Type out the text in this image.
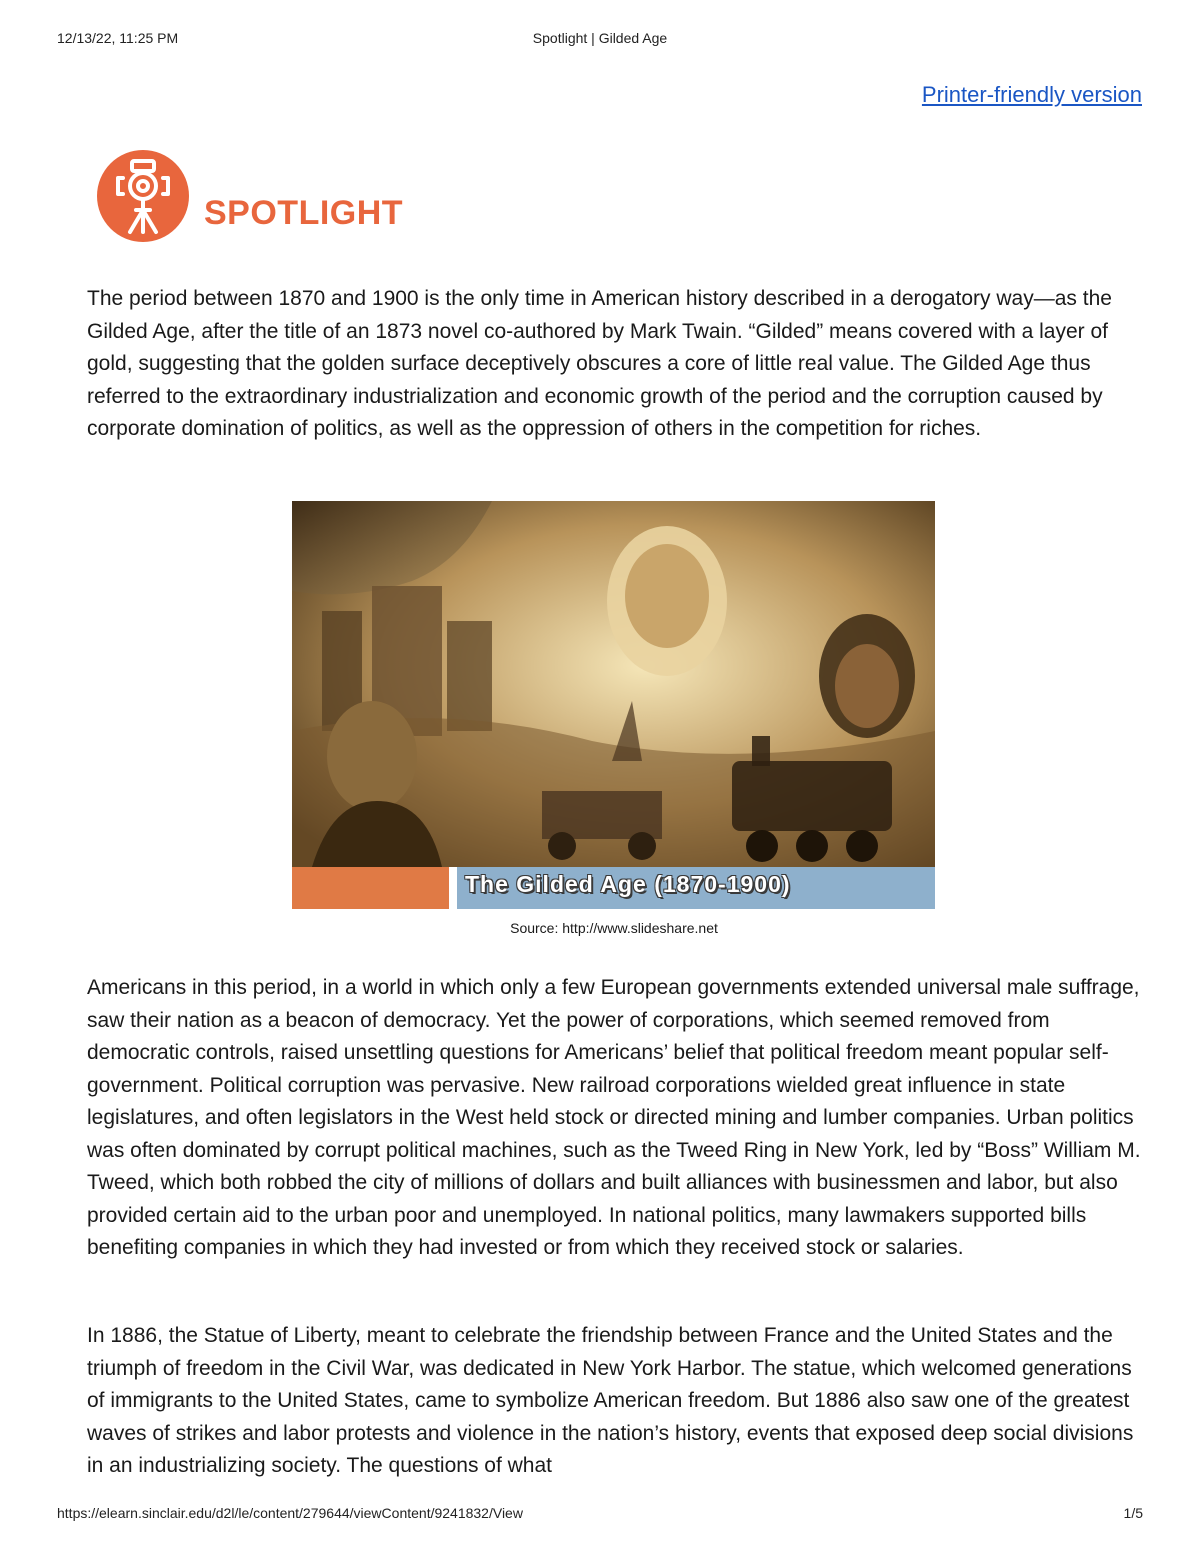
12/13/22, 11:25 PM	Spotlight | Gilded Age
Printer-friendly version
SPOTLIGHT

The period between 1870 and 1900 is the only time in American history described in a derogatory way—as the Gilded Age, after the title of an 1873 novel co-authored by Mark Twain. “Gilded” means covered with a layer of gold, suggesting that the golden surface deceptively obscures a core of little real value. The Gilded Age thus referred to the extraordinary industrialization and economic growth of the period and the corruption caused by corporate domination of politics, as well as the oppression of others in the competition for riches.

The Gilded Age (1870-1900)
Source: http://www.slideshare.net

Americans in this period, in a world in which only a few European governments extended universal male suffrage, saw their nation as a beacon of democracy. Yet the power of corporations, which seemed removed from democratic controls, raised unsettling questions for Americans’ belief that political freedom meant popular self-government. Political corruption was pervasive. New railroad corporations wielded great influence in state legislatures, and often legislators in the West held stock or directed mining and lumber companies. Urban politics was often dominated by corrupt political machines, such as the Tweed Ring in New York, led by “Boss” William M. Tweed, which both robbed the city of millions of dollars and built alliances with businessmen and labor, but also provided certain aid to the urban poor and unemployed. In national politics, many lawmakers supported bills benefiting companies in which they had invested or from which they received stock or salaries.

In 1886, the Statue of Liberty, meant to celebrate the friendship between France and the United States and the triumph of freedom in the Civil War, was dedicated in New York Harbor. The statue, which welcomed generations of immigrants to the United States, came to symbolize American freedom. But 1886 also saw one of the greatest waves of strikes and labor protests and violence in the nation’s history, events that exposed deep social divisions in an industrializing society. The questions of what

https://elearn.sinclair.edu/d2l/le/content/279644/viewContent/9241832/View	1/5
